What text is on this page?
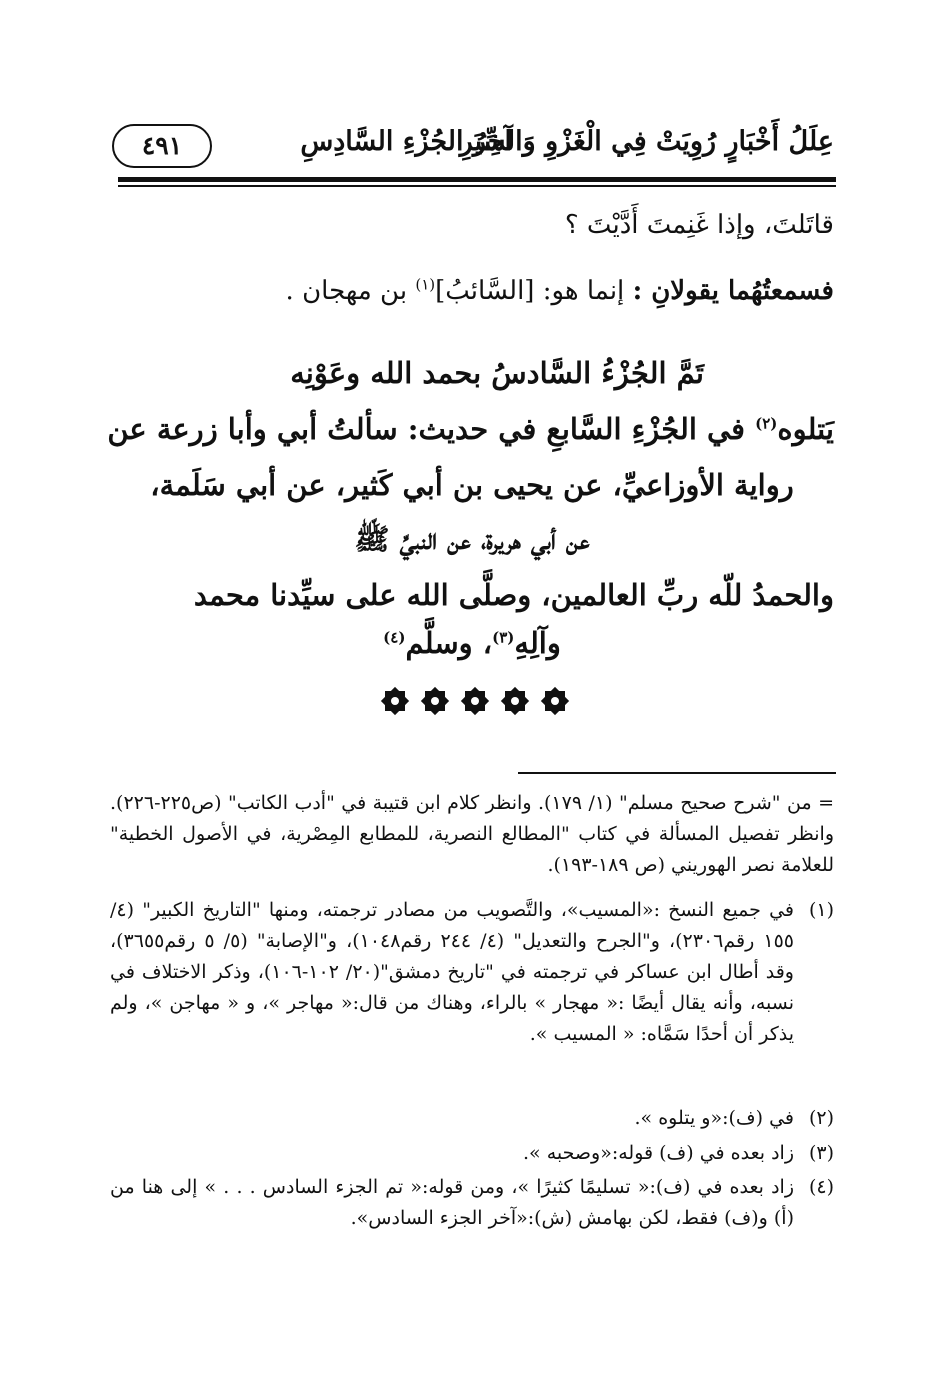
عِلَلُ أَخْبَارٍ رُوِيَتْ فِي الْغَزْوِ وَالسِّيَرِ
آخِرُ الجُزْءِ السَّادِسِ
٤٩١
قاتَلتَ، وإذا غَنِمتَ أَدَّيْتَ ؟
فسمعتُهُما يقولانِ : إنما هو: [السَّائبُ]$^{(١)}$ بن مهجان .
تَمَّ الجُزْءُ السَّادسُ بحمد الله وعَوْنِه
يَتلوه$^{(٢)}$ في الجُزْءِ السَّابعِ في حديث: سألتُ أبي وأبا زرعة عن
رواية الأوزاعيِّ، عن يحيى بن أبي كَثير، عن أبي سَلَمة،
عن أبي هريرة، عن النبيِّ ﷺ
والحمدُ للّه ربِّ العالمين، وصلَّى الله على سيِّدنا محمد
وآلِهِ$^{(٣)}$، وسلَّم$^{(٤)}$
= من "شرح صحيح مسلم" (١/ ١٧٩). وانظر كلام ابن قتيبة في "أدب الكاتب" (ص٢٢٥-٢٢٦). وانظر تفصيل المسألة في كتاب "المطالع النصرية، للمطابع المِصْرية، في الأصول الخطية" للعلامة نصر الهوريني (ص ١٨٩-١٩٣).
(١)
في جميع النسخ :«المسيب»، والتَّصويب من مصادر ترجمته، ومنها "التاريخ الكبير" (٤/ ١٥٥ رقم٢٣٠٦)، و"الجرح والتعديل" (٤/ ٢٤٤ رقم١٠٤٨)، و"الإصابة" (٥/ ٥ رقم٣٦٥٥)، وقد أطال ابن عساكر في ترجمته في "تاريخ دمشق"(٢٠/ ١٠٢-١٠٦)، وذكر الاختلاف في نسبه، وأنه يقال أيضًا :« مهجار » بالراء، وهناك من قال:« مهاجر »، و « مهاجن »، ولم يذكر أن أحدًا سَمَّاه: « المسيب ».
(٢)
في (ف):«و يتلوه ».
(٣)
زاد بعده في (ف) قوله:«وصحبه ».
(٤)
زاد بعده في (ف):« تسليمًا كثيرًا »، ومن قوله:« تم الجزء السادس . . . » إلى هنا من (أ) و(ف) فقط، لكن بهامش (ش):«آخر الجزء السادس».
